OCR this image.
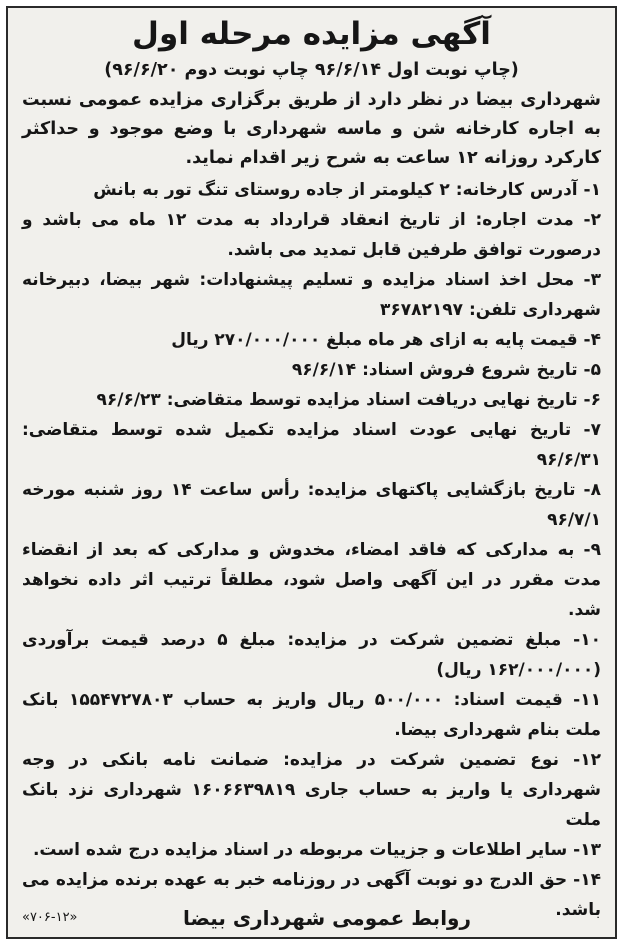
آگهی مزایده مرحله اول
(چاپ نوبت اول ۹۶/۶/۱۴ چاپ نوبت دوم ۹۶/۶/۲۰)
شهرداری بیضا در نظر دارد از طریق برگزاری مزایده عمومی نسبت به اجاره کارخانه شن و ماسه شهرداری با وضع موجود و حداکثر کارکرد روزانه ۱۲ ساعت به شرح زیر اقدام نماید.
۱- آدرس کارخانه: ۲ کیلومتر از جاده روستای تنگ تور به بانش
۲- مدت اجاره: از تاریخ انعقاد قرارداد به مدت ۱۲ ماه می باشد و درصورت توافق طرفین قابل تمدید می باشد.
۳- محل اخذ اسناد مزایده و تسلیم پیشنهادات: شهر بیضا، دبیرخانه شهرداری تلفن: ۳۶۷۸۲۱۹۷
۴- قیمت پایه به ازای هر ماه مبلغ ۲۷۰/۰۰۰/۰۰۰ ریال
۵- تاریخ شروع فروش اسناد: ۹۶/۶/۱۴
۶- تاریخ نهایی دریافت اسناد مزایده توسط متقاضی: ۹۶/۶/۲۳
۷- تاریخ نهایی عودت اسناد مزایده تکمیل شده توسط متقاضی: ۹۶/۶/۳۱
۸- تاریخ بازگشایی پاکتهای مزایده: رأس ساعت ۱۴ روز شنبه مورخه ۹۶/۷/۱
۹- به مدارکی که فاقد امضاء، مخدوش و مدارکی که بعد از انقضاء مدت مقرر در این آگهی واصل شود، مطلقاً ترتیب اثر داده نخواهد شد.
۱۰- مبلغ تضمین شرکت در مزایده: مبلغ ۵ درصد قیمت برآوردی (۱۶۲/۰۰۰/۰۰۰ ریال)
۱۱- قیمت اسناد: ۵۰۰/۰۰۰ ریال واریز به حساب ۱۵۵۴۷۲۷۸۰۳ بانک ملت بنام شهرداری بیضا.
۱۲- نوع تضمین شرکت در مزایده: ضمانت نامه بانکی در وجه شهرداری یا واریز به حساب جاری ۱۶۰۶۶۳۹۸۱۹ شهرداری نزد بانک ملت
۱۳- سایر اطلاعات و جزییات مربوطه در اسناد مزایده درج شده است.
۱۴- حق الدرج دو نوبت آگهی در روزنامه خبر به عهده برنده مزایده می باشد.
روابط عمومی شهرداری بیضا
«۷۰۶-۱۲»
